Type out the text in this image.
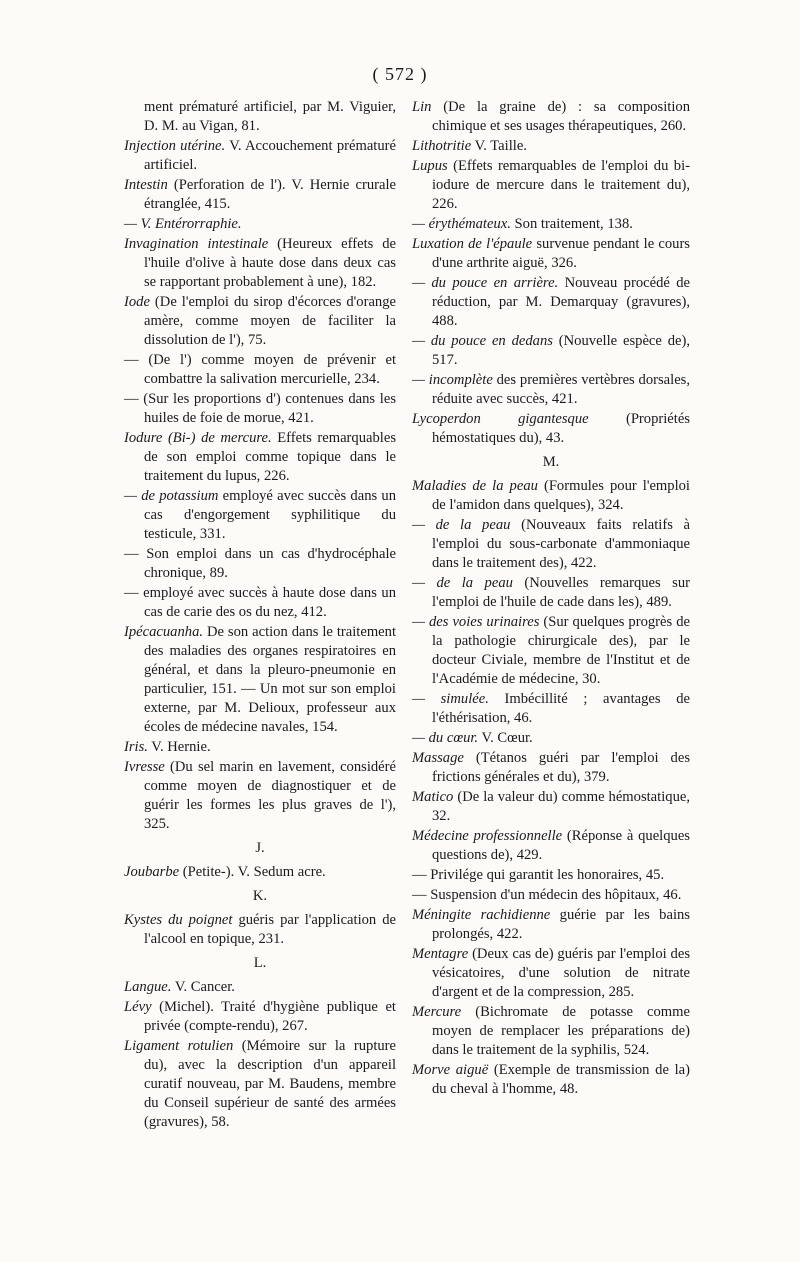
( 572 )
ment prématuré artificiel, par M. Viguier, D. M. au Vigan, 81.
Injection utérine. V. Accouchement prématuré artificiel.
Intestin (Perforation de l'). V. Hernie crurale étranglée, 415.
— V. Entérorraphie.
Invagination intestinale (Heureux effets de l'huile d'olive à haute dose dans deux cas se rapportant probablement à une), 182.
Iode (De l'emploi du sirop d'écorces d'orange amère, comme moyen de faciliter la dissolution de l'), 75.
— (De l') comme moyen de prévenir et combattre la salivation mercurielle, 234.
— (Sur les proportions d') contenues dans les huiles de foie de morue, 421.
Iodure (Bi-) de mercure. Effets remarquables de son emploi comme topique dans le traitement du lupus, 226.
— de potassium employé avec succès dans un cas d'engorgement syphilitique du testicule, 331.
— Son emploi dans un cas d'hydrocéphale chronique, 89.
— employé avec succès à haute dose dans un cas de carie des os du nez, 412.
Ipécacuanha. De son action dans le traitement des maladies des organes respiratoires en général, et dans la pleuro-pneumonie en particulier, 151. — Un mot sur son emploi externe, par M. Delioux, professeur aux écoles de médecine navales, 154.
Iris. V. Hernie.
Ivresse (Du sel marin en lavement, considéré comme moyen de diagnostiquer et de guérir les formes les plus graves de l'), 325.
J.
Joubarbe (Petite-). V. Sedum acre.
K.
Kystes du poignet guéris par l'application de l'alcool en topique, 231.
L.
Langue. V. Cancer.
Lévy (Michel). Traité d'hygiène publique et privée (compte-rendu), 267.
Ligament rotulien (Mémoire sur la rupture du), avec la description d'un appareil curatif nouveau, par M. Baudens, membre du Conseil supérieur de santé des armées (gravures), 58.
Lin (De la graine de) : sa composition chimique et ses usages thérapeutiques, 260.
Lithotritie V. Taille.
Lupus (Effets remarquables de l'emploi du bi-iodure de mercure dans le traitement du), 226.
— érythémateux. Son traitement, 138.
Luxation de l'épaule survenue pendant le cours d'une arthrite aiguë, 326.
— du pouce en arrière. Nouveau procédé de réduction, par M. Demarquay (gravures), 488.
— du pouce en dedans (Nouvelle espèce de), 517.
— incomplète des premières vertèbres dorsales, réduite avec succès, 421.
Lycoperdon gigantesque (Propriétés hémostatiques du), 43.
M.
Maladies de la peau (Formules pour l'emploi de l'amidon dans quelques), 324.
— de la peau (Nouveaux faits relatifs à l'emploi du sous-carbonate d'ammoniaque dans le traitement des), 422.
— de la peau (Nouvelles remarques sur l'emploi de l'huile de cade dans les), 489.
— des voies urinaires (Sur quelques progrès de la pathologie chirurgicale des), par le docteur Civiale, membre de l'Institut et de l'Académie de médecine, 30.
— simulée. Imbécillité ; avantages de l'éthérisation, 46.
— du cœur. V. Cœur.
Massage (Tétanos guéri par l'emploi des frictions générales et du), 379.
Matico (De la valeur du) comme hémostatique, 32.
Médecine professionnelle (Réponse à quelques questions de), 429.
— Privilége qui garantit les honoraires, 45.
— Suspension d'un médecin des hôpitaux, 46.
Méningite rachidienne guérie par les bains prolongés, 422.
Mentagre (Deux cas de) guéris par l'emploi des vésicatoires, d'une solution de nitrate d'argent et de la compression, 285.
Mercure (Bichromate de potasse comme moyen de remplacer les préparations de) dans le traitement de la syphilis, 524.
Morve aiguë (Exemple de transmission de la) du cheval à l'homme, 48.
